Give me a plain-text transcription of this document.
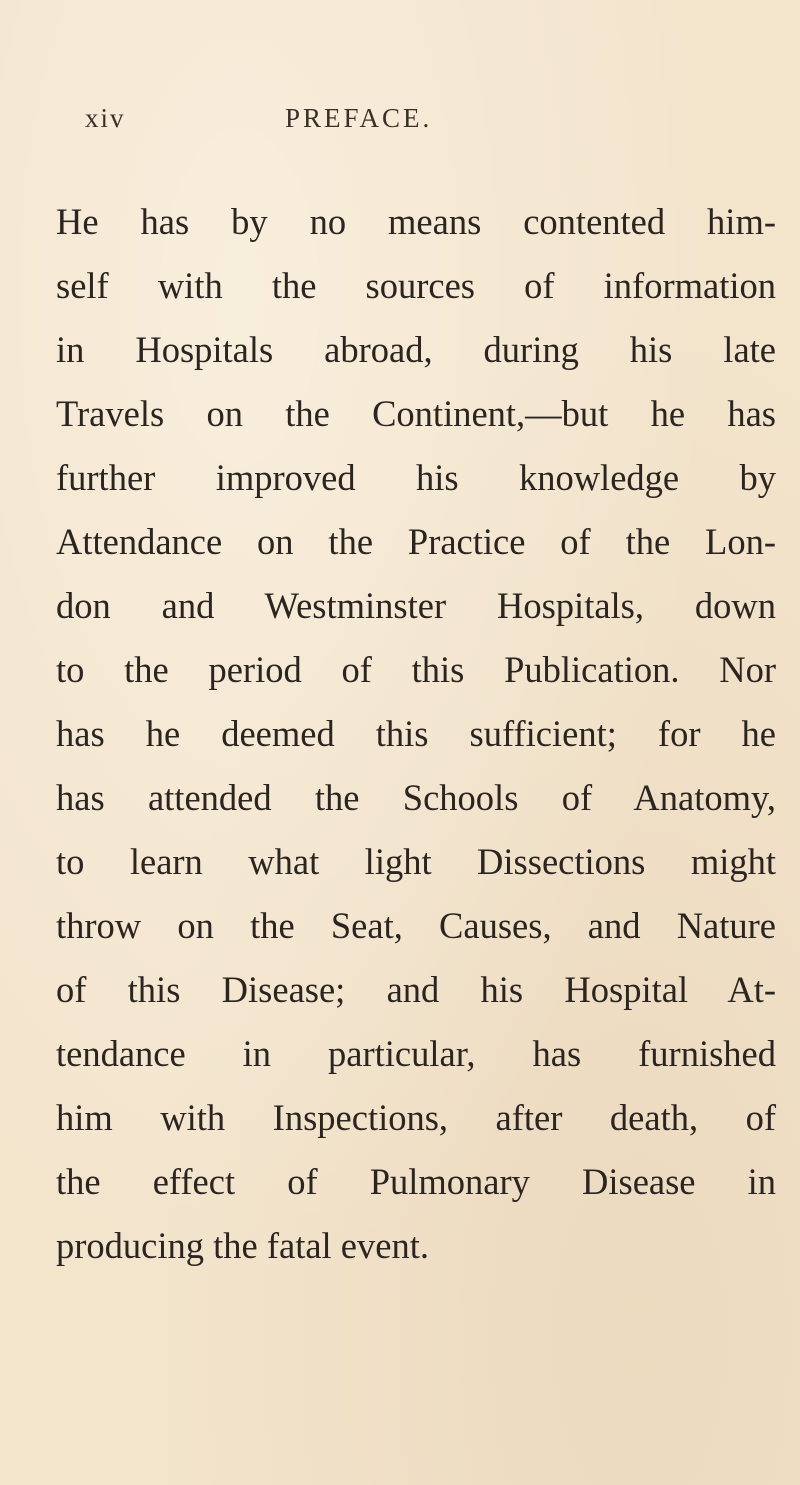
xiv	PREFACE.
He has by no means contented him-
self with the sources of information
in Hospitals abroad, during his late
Travels on the Continent,—but he has
further improved his knowledge by
Attendance on the Practice of the Lon-
don and Westminster Hospitals, down
to the period of this Publication. Nor
has he deemed this sufficient; for he
has attended the Schools of Anatomy,
to learn what light Dissections might
throw on the Seat, Causes, and Nature
of this Disease; and his Hospital At-
tendance in particular, has furnished
him with Inspections, after death, of
the effect of Pulmonary Disease in
producing the fatal event.
